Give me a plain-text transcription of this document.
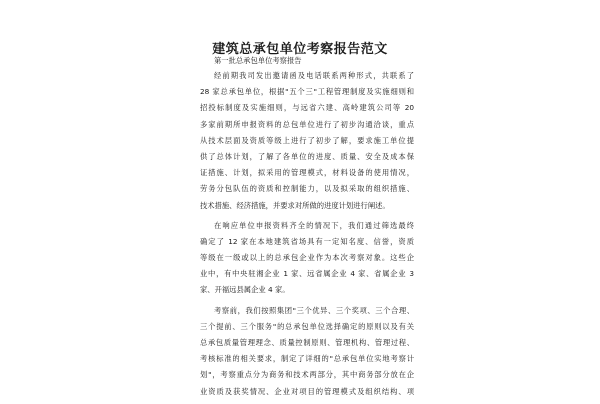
建筑总承包单位考察报告范文

第一批总承包单位考察报告

经前期我司发出邀请函及电话联系两种形式，共联系了
28 家总承包单位，根据"五个三"工程管理制度及实施细则和
招投标制度及实施细则，与远省六建、高岭建筑公司等 20
多家前期所申报资料的总包单位进行了初步沟通洽谈，重点
从技术层面及资质等级上进行了初步了解，要求施工单位提
供了总体计划，了解了各单位的进度、质量、安全及成本保
证措施、计划，拟采用的管理模式，材料设备的使用情况，
劳务分包队伍的资质和控制能力，以及拟采取的组织措施、
技术措施、经济措施，并要求对所做的进度计划进行阐述。
在响应单位申报资料齐全的情况下，我们通过筛选最终
确定了 12 家在本地建筑省场具有一定知名度、信誉，资质
等级在一级或以上的总承包企业作为本次考察对象。这些企
业中，有中央驻湘企业 1 家、远省属企业 4 家、省属企业 3
家、开福远县属企业 4 家。
考察前，我们按照集团"三个优异、三个奖项、三个合理、
三个提前、三个服务"的总承包单位选择确定的原则以及有关
总承包质量管理理念、质量控制原则、管理机构、管理过程、
考核标准的相关要求，制定了详细的"总承包单位实地考察计
划"，考察重点分为商务和技术两部分，其中商务部分放在企
业资质及获奖情况、企业对项目的管理模式及组织结构、项
